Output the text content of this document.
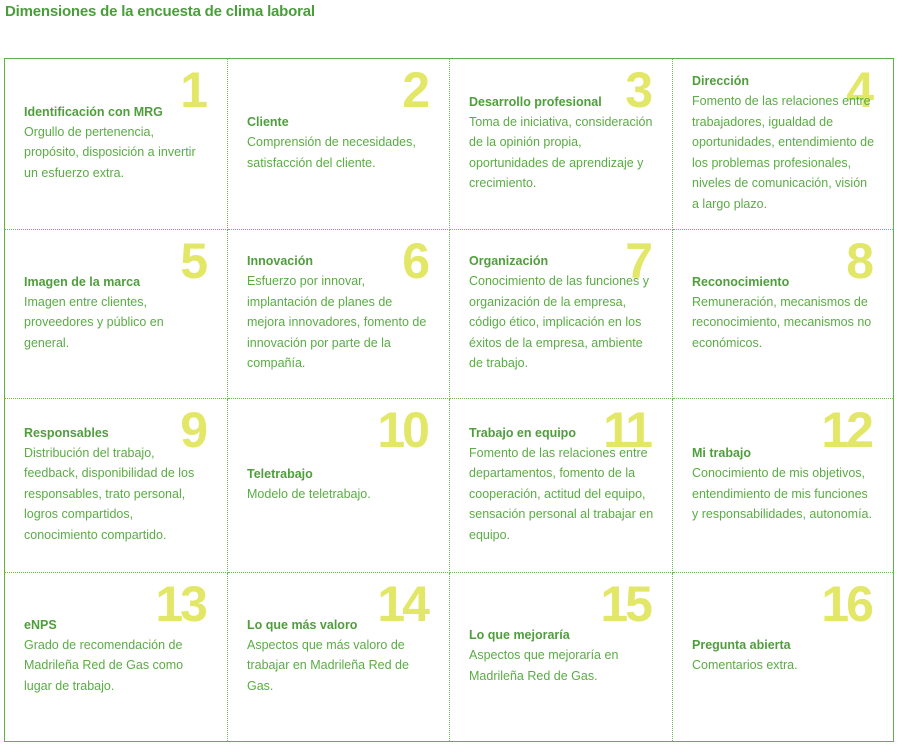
Dimensiones de la encuesta de clima laboral
1
Identificación con MRG
Orgullo de pertenencia, propósito, disposición a invertir un esfuerzo extra.
2
Cliente
Comprensión de necesidades, satisfacción del cliente.
3
Desarrollo profesional
Toma de iniciativa, consideración de la opinión propia, oportunidades de aprendizaje y crecimiento.
4
Dirección
Fomento de las relaciones entre trabajadores, igualdad de oportunidades, entendimiento de los problemas profesionales, niveles de comunicación, visión a largo plazo.
5
Imagen de la marca
Imagen entre clientes, proveedores y público en general.
6
Innovación
Esfuerzo por innovar, implantación de planes de mejora innovadores, fomento de innovación por parte de la compañía.
7
Organización
Conocimiento de las funciones y organización de la empresa, código ético, implicación en los éxitos de la empresa, ambiente de trabajo.
8
Reconocimiento
Remuneración, mecanismos de reconocimiento, mecanismos no económicos.
9
Responsables
Distribución del trabajo, feedback, disponibilidad de los responsables, trato personal, logros compartidos, conocimiento compartido.
10
Teletrabajo
Modelo de teletrabajo.
11
Trabajo en equipo
Fomento de las relaciones entre departamentos, fomento de la cooperación, actitud del equipo, sensación personal al trabajar en equipo.
12
Mi trabajo
Conocimiento de mis objetivos, entendimiento de mis funciones y responsabilidades, autonomía.
13
eNPS
Grado de recomendación de Madrileña Red de Gas como lugar de trabajo.
14
Lo que más valoro
Aspectos que más valoro de trabajar en Madrileña Red de Gas.
15
Lo que mejoraría
Aspectos que mejoraría en Madrileña Red de Gas.
16
Pregunta abierta
Comentarios extra.
